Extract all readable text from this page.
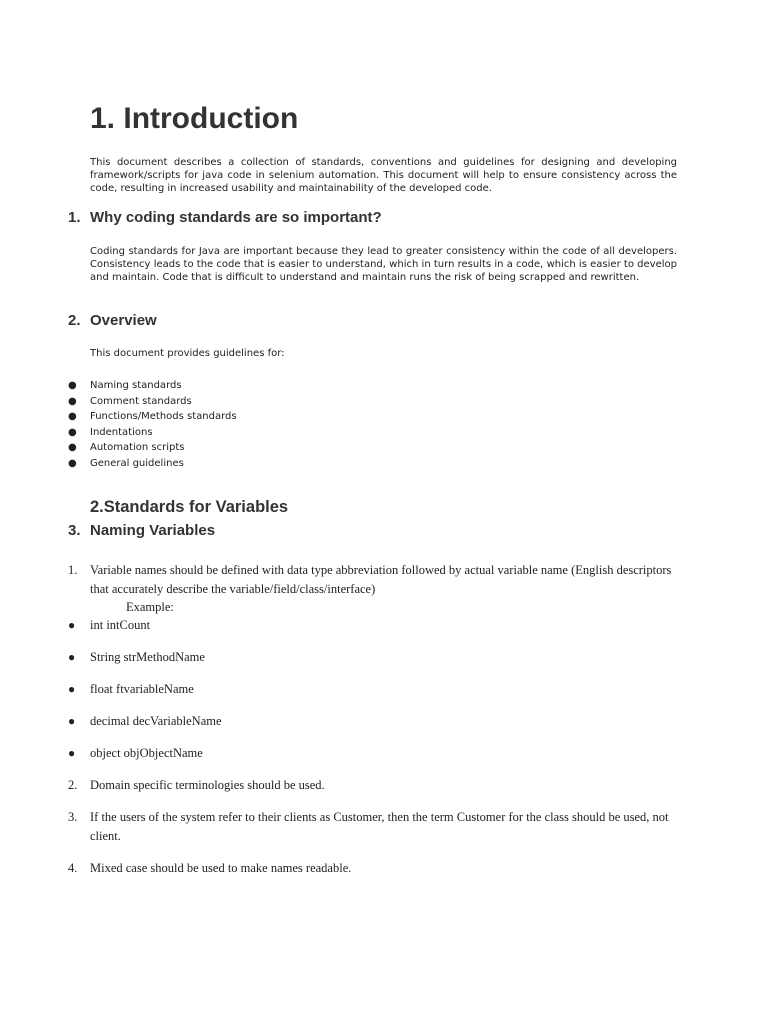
1. Introduction

This document describes a collection of standards, conventions and guidelines for designing and developing framework/scripts for java code in selenium automation. This document will help to ensure consistency across the code, resulting in increased usability and maintainability of the developed code.

1. Why coding standards are so important?

Coding standards for Java are important because they lead to greater consistency within the code of all developers. Consistency leads to the code that is easier to understand, which in turn results in a code, which is easier to develop and maintain. Code that is difficult to understand and maintain runs the risk of being scrapped and rewritten.

2. Overview
This document provides guidelines for:
● Naming standards
● Comment standards
● Functions/Methods standards
● Indentations
● Automation scripts
● General guidelines
2.Standards for Variables
3. Naming Variables
1. Variable names should be defined with data type abbreviation followed by actual variable name (English descriptors that accurately describe the variable/field/class/interface)

Example:
● int intCount
● String strMethodName
● float ftvariableName
● decimal decVariableName
● object objObjectName
2. Domain specific terminologies should be used.
3. If the users of the system refer to their clients as Customer, then the term Customer for the class should be used, not client.

4. Mixed case should be used to make names readable.
